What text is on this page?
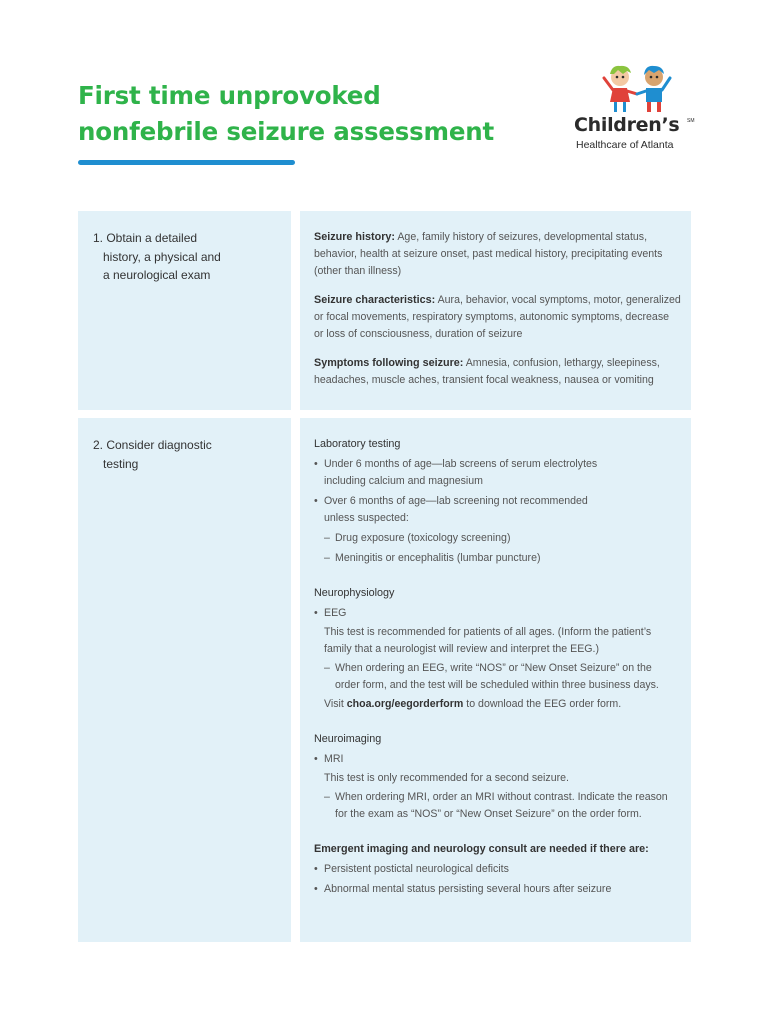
First time unprovoked
nonfebrile seizure assessment	Children’s SM
Healthcare of Atlanta
1. Obtain a detailed
history, a physical and
a neurological exam
Seizure history: Age, family history of seizures, developmental status,
behavior, health at seizure onset, past medical history, precipitating events
(other than illness)
Seizure characteristics: Aura, behavior, vocal symptoms, motor, generalized
or focal movements, respiratory symptoms, autonomic symptoms, decrease
or loss of consciousness, duration of seizure
Symptoms following seizure: Amnesia, confusion, lethargy, sleepiness,
headaches, muscle aches, transient focal weakness, nausea or vomiting
2. Consider diagnostic
testing
Laboratory testing
• Under 6 months of age—lab screens of serum electrolytes
including calcium and magnesium
• Over 6 months of age—lab screening not recommended
unless suspected:
– Drug exposure (toxicology screening)
– Meningitis or encephalitis (lumbar puncture)
Neurophysiology
• EEG
This test is recommended for patients of all ages. (Inform the patient’s
family that a neurologist will review and interpret the EEG.)
– When ordering an EEG, write “NOS” or “New Onset Seizure” on the
order form, and the test will be scheduled within three business days.
Visit choa.org/eegorderform to download the EEG order form.
Neuroimaging
• MRI
This test is only recommended for a second seizure.
– When ordering MRI, order an MRI without contrast. Indicate the reason
for the exam as “NOS” or “New Onset Seizure” on the order form.
Emergent imaging and neurology consult are needed if there are:
• Persistent postictal neurological deficits
• Abnormal mental status persisting several hours after seizure
